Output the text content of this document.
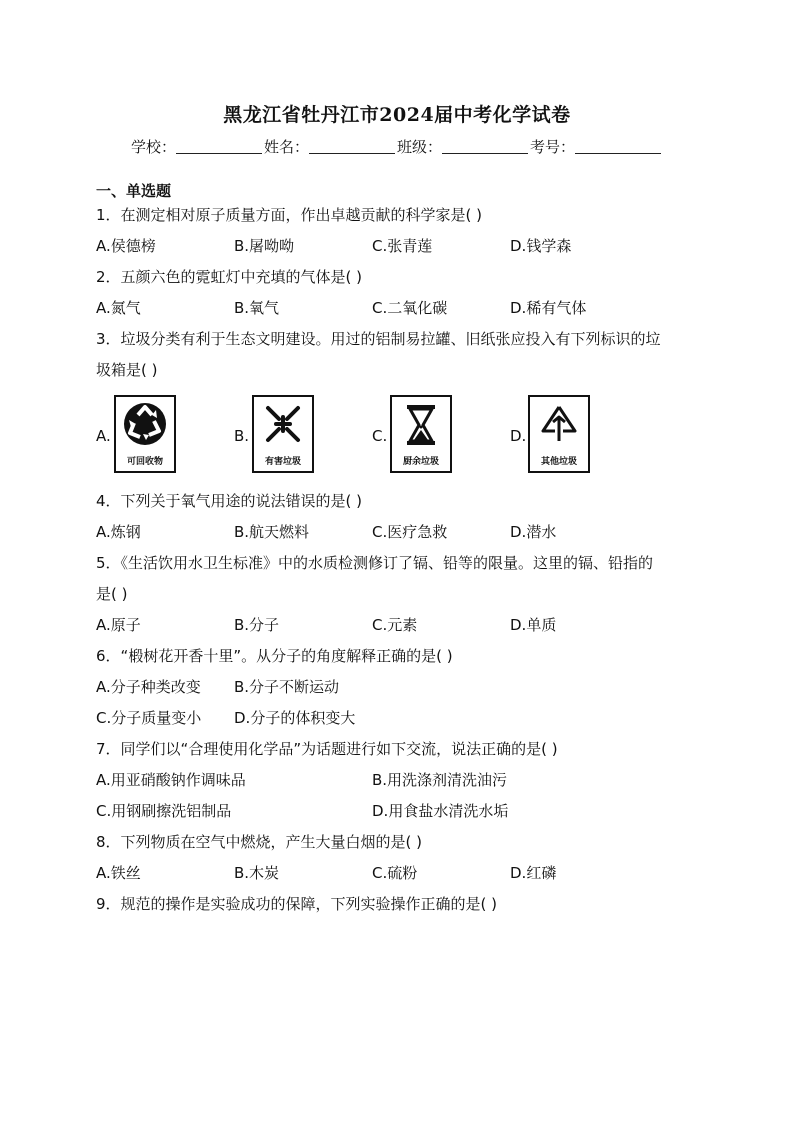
黑龙江省牡丹江市2024届中考化学试卷
学校：	姓名：	班级：	考号：
一、单选题
1．在测定相对原子质量方面，作出卓越贡献的科学家是( )
A.侯德榜	B.屠呦呦	C.张青莲	D.钱学森
2．五颜六色的霓虹灯中充填的气体是( )
A.氮气	B.氧气	C.二氧化碳	D.稀有气体
3．垃圾分类有利于生态文明建设。用过的铝制易拉罐、旧纸张应投入有下列标识的垃
圾箱是( )
A.
可回收物
B.
有害垃圾
C.
厨余垃圾
D.
其他垃圾
4．下列关于氧气用途的说法错误的是( )
A.炼钢	B.航天燃料	C.医疗急救	D.潜水
5．《生活饮用水卫生标准》中的水质检测修订了镉、铅等的限量。这里的镉、铅指的
是( )
A.原子	B.分子	C.元素	D.单质
6．“椴树花开香十里”。从分子的角度解释正确的是( )
A.分子种类改变 B.分子不断运动
C.分子质量变小 D.分子的体积变大
7．同学们以“合理使用化学品”为话题进行如下交流，说法正确的是( )
A.用亚硝酸钠作调味品	B.用洗涤剂清洗油污
C.用钢刷擦洗铝制品	D.用食盐水清洗水垢
8．下列物质在空气中燃烧，产生大量白烟的是( )
A.铁丝	B.木炭	C.硫粉	D.红磷
9．规范的操作是实验成功的保障，下列实验操作正确的是( )
